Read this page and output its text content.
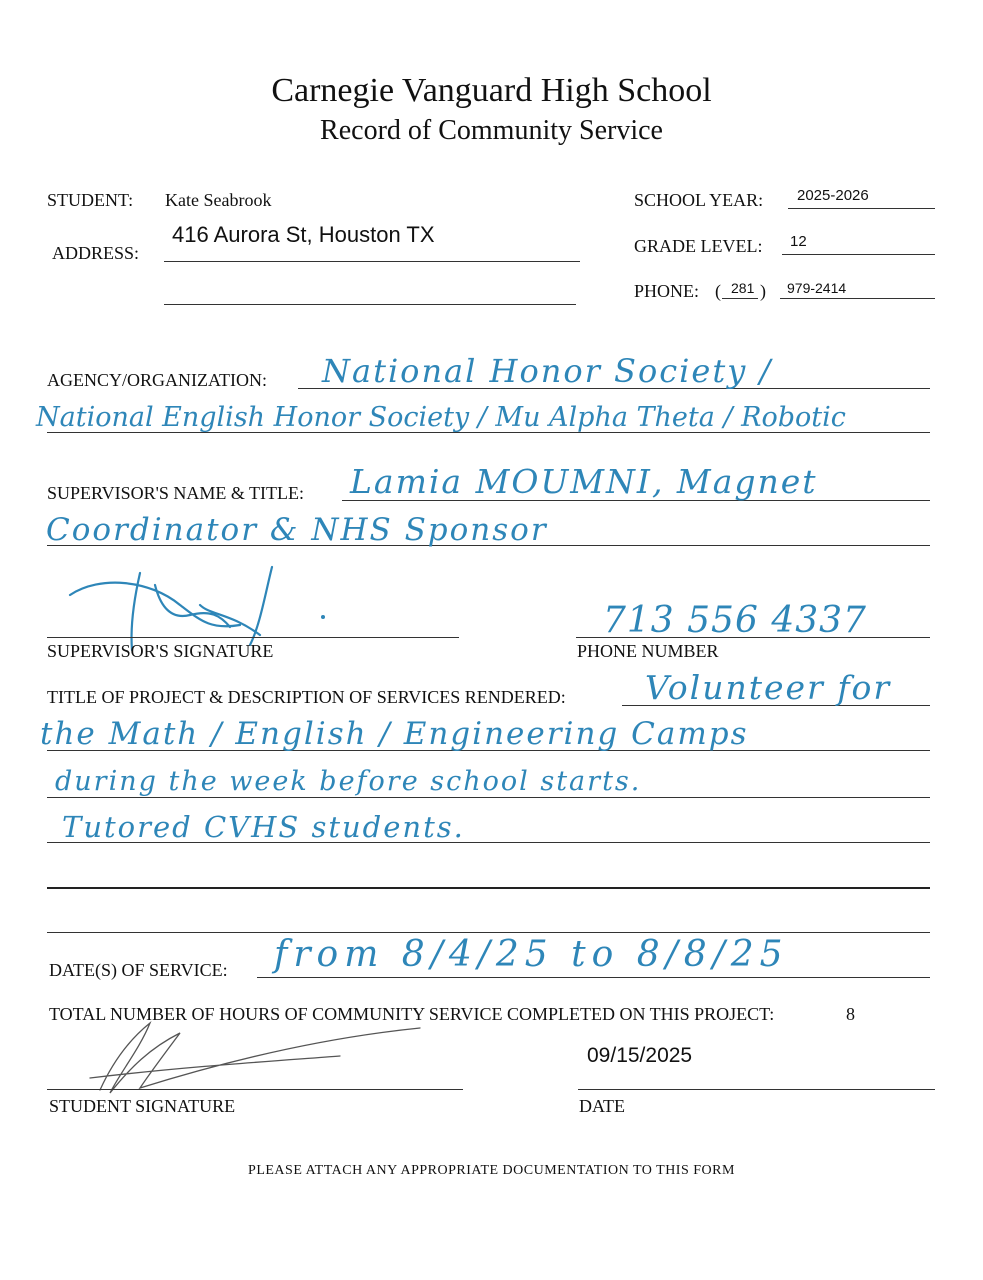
Carnegie Vanguard High School
Record of Community Service
STUDENT: Kate Seabrook
ADDRESS:
416 Aurora St, Houston TX
SCHOOL YEAR: 2025-2026
GRADE LEVEL: 12
PHONE: ( 281 ) 979-2414
AGENCY/ORGANIZATION: National Honor Society /
National English Honor Society / Mu Alpha Theta / Robotic
SUPERVISOR'S NAME & TITLE: Lamia MOUMNI, Magnet
Coordinator & NHS Sponsor
SUPERVISOR'S SIGNATURE
713 556 4337
PHONE NUMBER
TITLE OF PROJECT & DESCRIPTION OF SERVICES RENDERED: Volunteer for
the Math / English / Engineering Camps
during the week before school starts.
Tutored CVHS students.
DATE(S) OF SERVICE: from 8/4/25 to 8/8/25
TOTAL NUMBER OF HOURS OF COMMUNITY SERVICE COMPLETED ON THIS PROJECT:	8
STUDENT SIGNATURE
09/15/2025
DATE
PLEASE ATTACH ANY APPROPRIATE DOCUMENTATION TO THIS FORM
